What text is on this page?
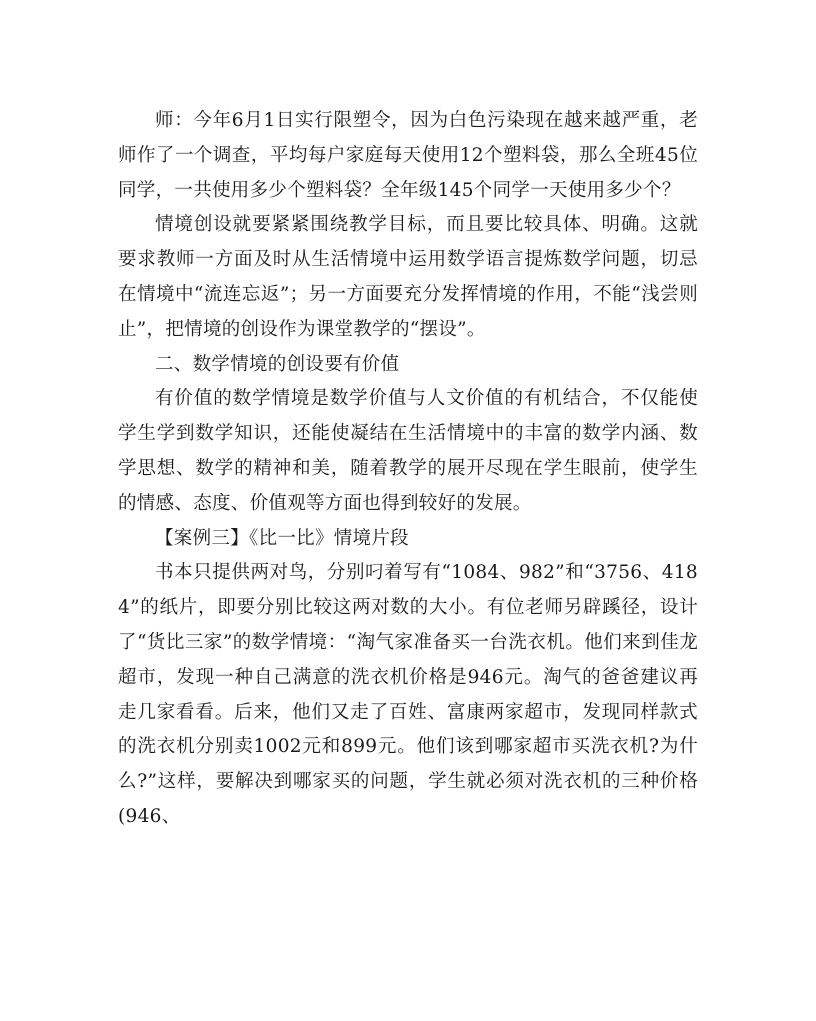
师：今年6月1日实行限塑令，因为白色污染现在越来越严重，老师作了一个调查，平均每户家庭每天使用12个塑料袋，那么全班45位同学，一共使用多少个塑料袋？全年级145个同学一天使用多少个？

情境创设就要紧紧围绕教学目标，而且要比较具体、明确。这就要求教师一方面及时从生活情境中运用数学语言提炼数学问题，切忌在情境中“流连忘返”；另一方面要充分发挥情境的作用，不能“浅尝则止”，把情境的创设作为课堂教学的“摆设”。

二、数学情境的创设要有价值

有价值的数学情境是数学价值与人文价值的有机结合，不仅能使学生学到数学知识，还能使凝结在生活情境中的丰富的数学内涵、数学思想、数学的精神和美，随着教学的展开尽现在学生眼前，使学生的情感、态度、价值观等方面也得到较好的发展。

【案例三】《比一比》情境片段

书本只提供两对鸟，分别叼着写有“1084、982”和“3756、4184”的纸片，即要分别比较这两对数的大小。有位老师另辟蹊径，设计了“货比三家”的数学情境：“淘气家准备买一台洗衣机。他们来到佳龙超市，发现一种自己满意的洗衣机价格是946元。淘气的爸爸建议再走几家看看。后来，他们又走了百姓、富康两家超市，发现同样款式的洗衣机分别卖1002元和899元。他们该到哪家超市买洗衣机?为什么?”这样，要解决到哪家买的问题，学生就必须对洗衣机的三种价格(946、
